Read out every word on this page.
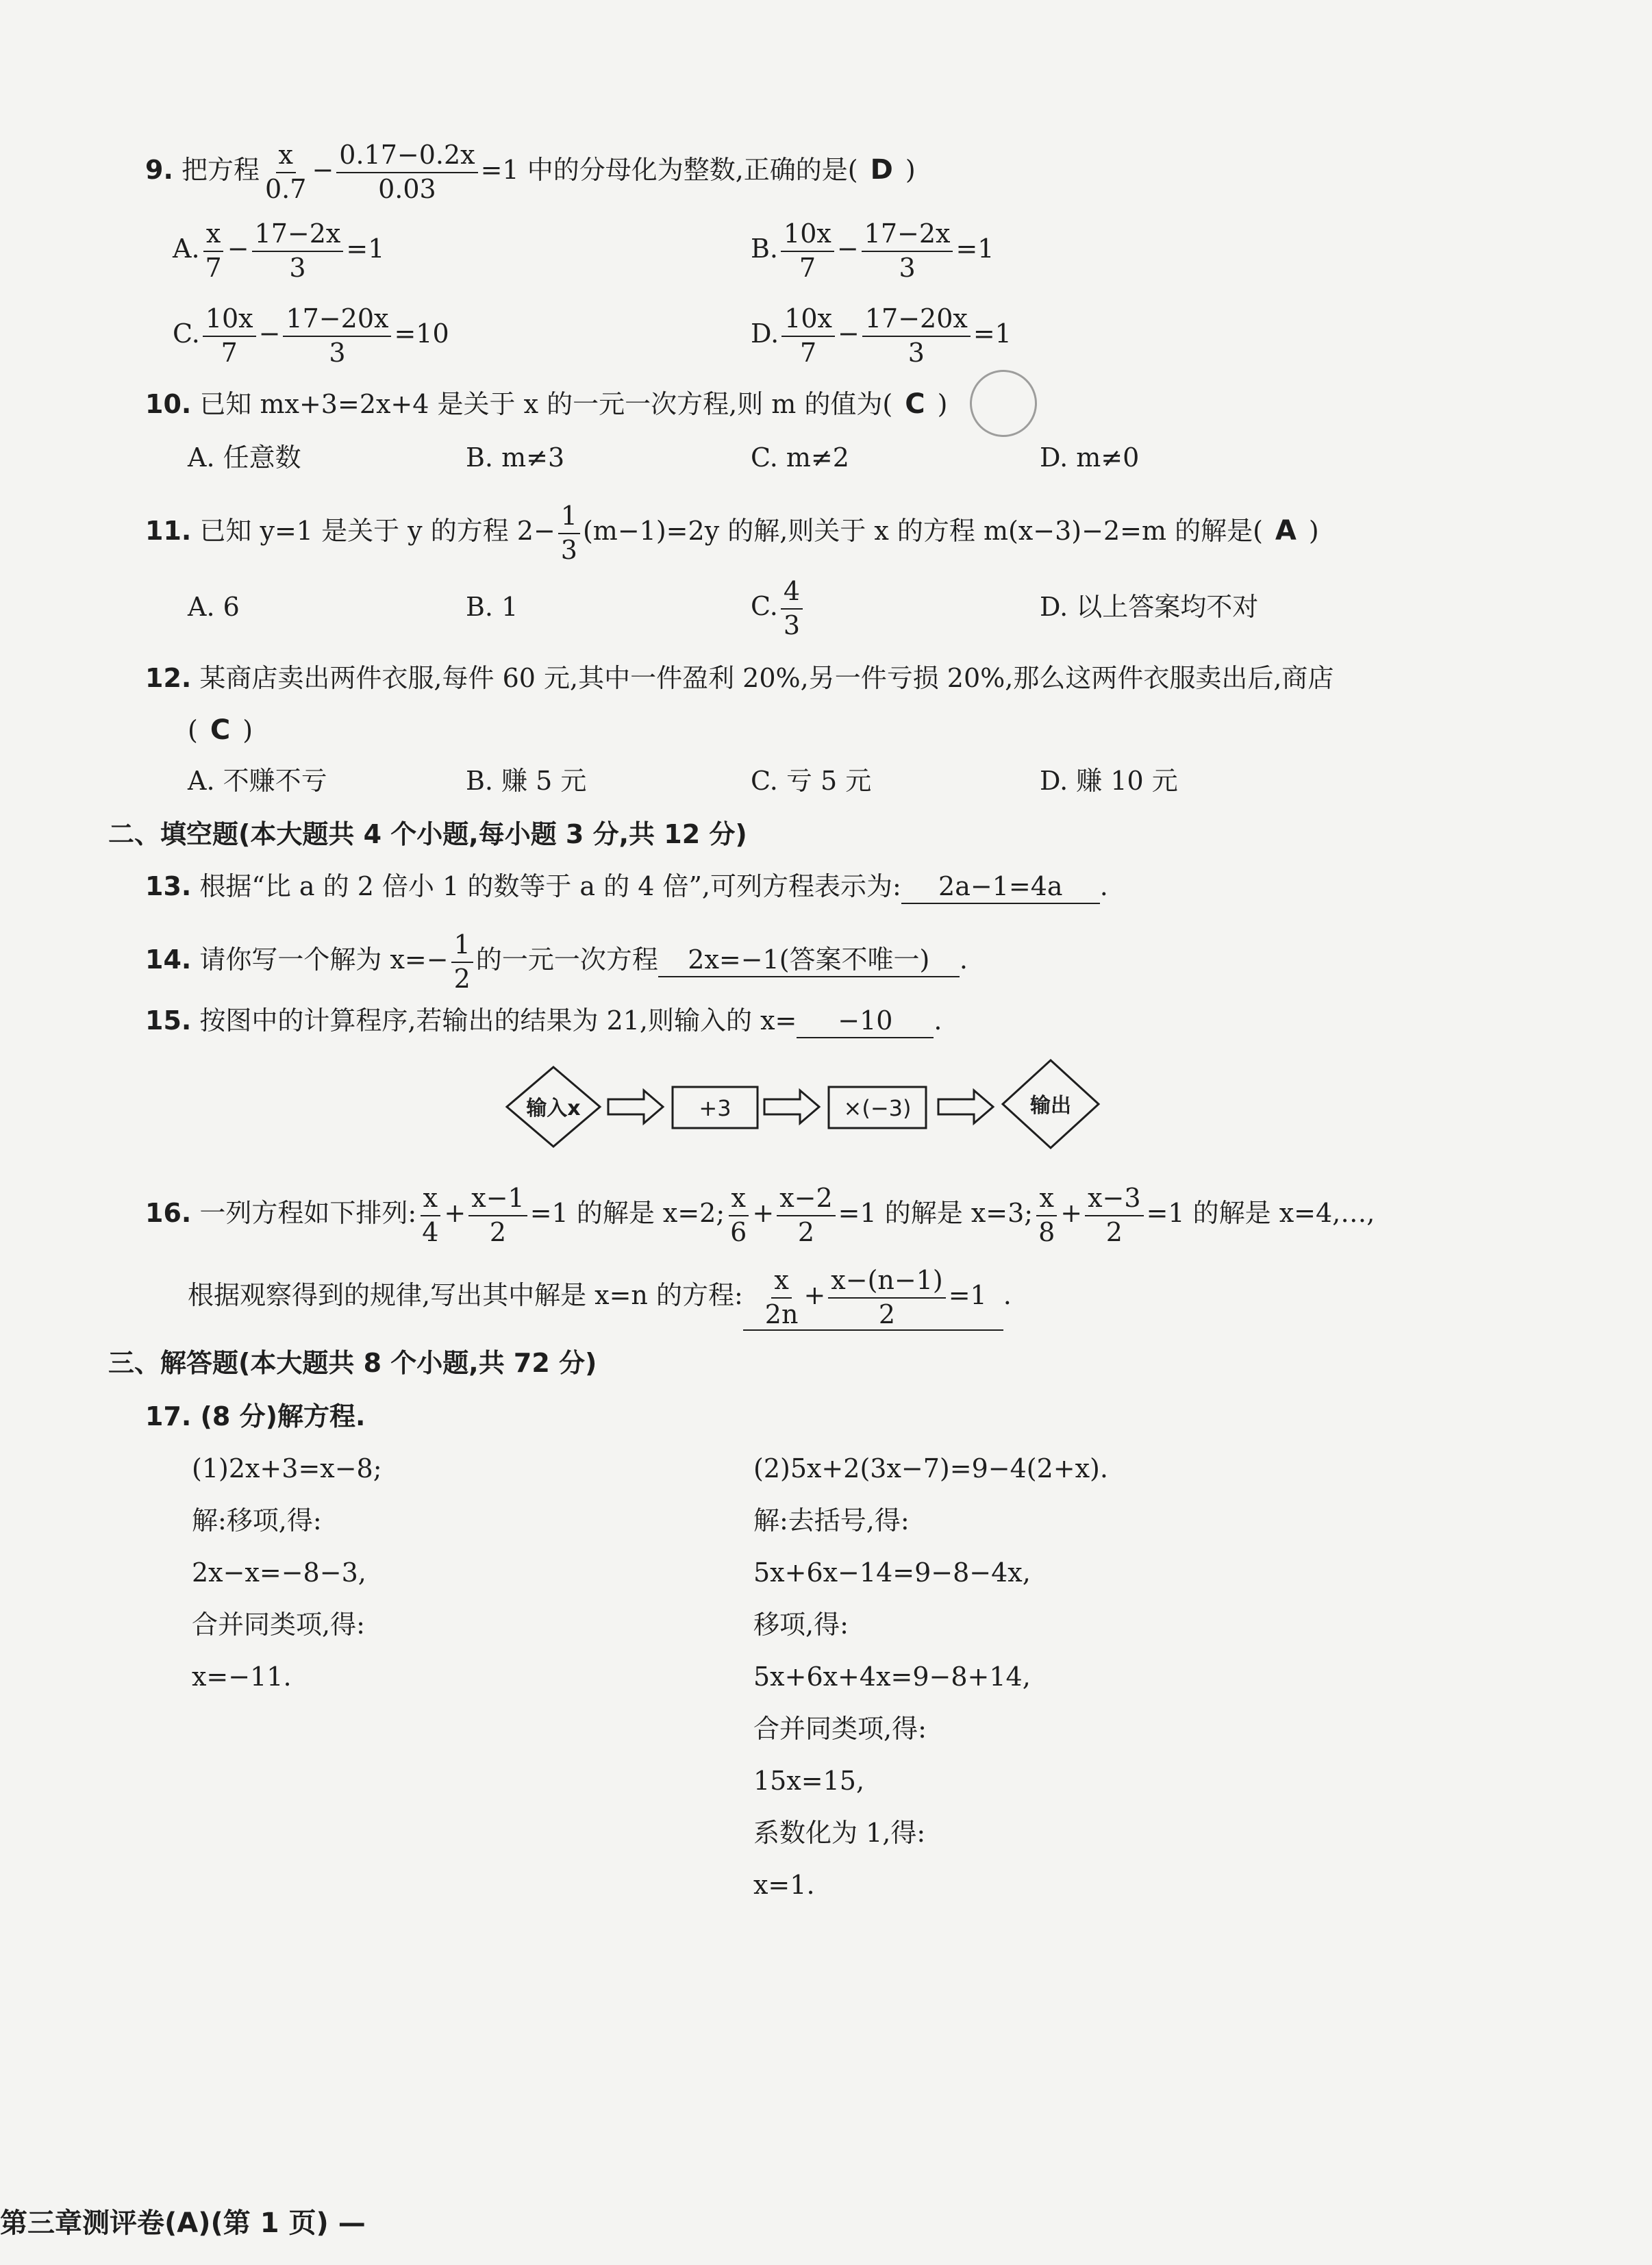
9. 把方程 $\frac{x}{0.7} - \frac{0.17-0.2x}{0.03} =1$ 中的分母化为整数,正确的是( D )
A. $\frac{x}{7} - \frac{17-2x}{3} =1$	B. $\frac{10x}{7} - \frac{17-2x}{3} =1$
C. $\frac{10x}{7} - \frac{17-20x}{3} =10$	D. $\frac{10x}{7} - \frac{17-20x}{3} =1$
10. 已知 mx+3=2x+4 是关于 x 的一元一次方程,则 m 的值为( C )
A. 任意数	B. m≠3	C. m≠2	D. m≠0
11. 已知 y=1 是关于 y 的方程 $2- \frac{1}{3} (m-1)=2y$ 的解,则关于 x 的方程 m(x−3)−2=m 的解是( A )
A. 6	B. 1	C. $\frac{4}{3}$	D. 以上答案均不对
12. 某商店卖出两件衣服,每件 60 元,其中一件盈利 20%,另一件亏损 20%,那么这两件衣服卖出后,商店
( C )
A. 不赚不亏	B. 赚 5 元	C. 亏 5 元	D. 赚 10 元
二、填空题(本大题共 4 个小题,每小题 3 分,共 12 分)
13. 根据“比 a 的 2 倍小 1 的数等于 a 的 4 倍”,可列方程表示为: 2a−1=4a .
14. 请你写一个解为 $x=- \frac{1}{2}$ 的一元一次方程 2x=−1(答案不唯一) .
15. 按图中的计算程序,若输出的结果为 21,则输入的 x= −10 .
输入x	+3	×(−3)	输出
16. 一列方程如下排列: $\frac{x}{4} + \frac{x-1}{2} =1$ 的解是 x=2; $\frac{x}{6} + \frac{x-2}{2} =1$ 的解是 x=3; $\frac{x}{8} + \frac{x-3}{2} =1$ 的解是 x=4,…,
根据观察得到的规律,写出其中解是 x=n 的方程: $\frac{x}{2n} + \frac{x-(n-1)}{2} =1$ .
三、解答题(本大题共 8 个小题,共 72 分)
17. (8 分)解方程.
(1)2x+3=x−8;
解:移项,得:
2x−x=−8−3,
合并同类项,得:
x=−11.
(2)5x+2(3x−7)=9−4(2+x).
解:去括号,得:
5x+6x−14=9−8−4x,
移项,得:
5x+6x+4x=9−8+14,
合并同类项,得:
15x=15,
系数化为 1,得:
x=1.
第三章测评卷(A)(第 1 页) —
